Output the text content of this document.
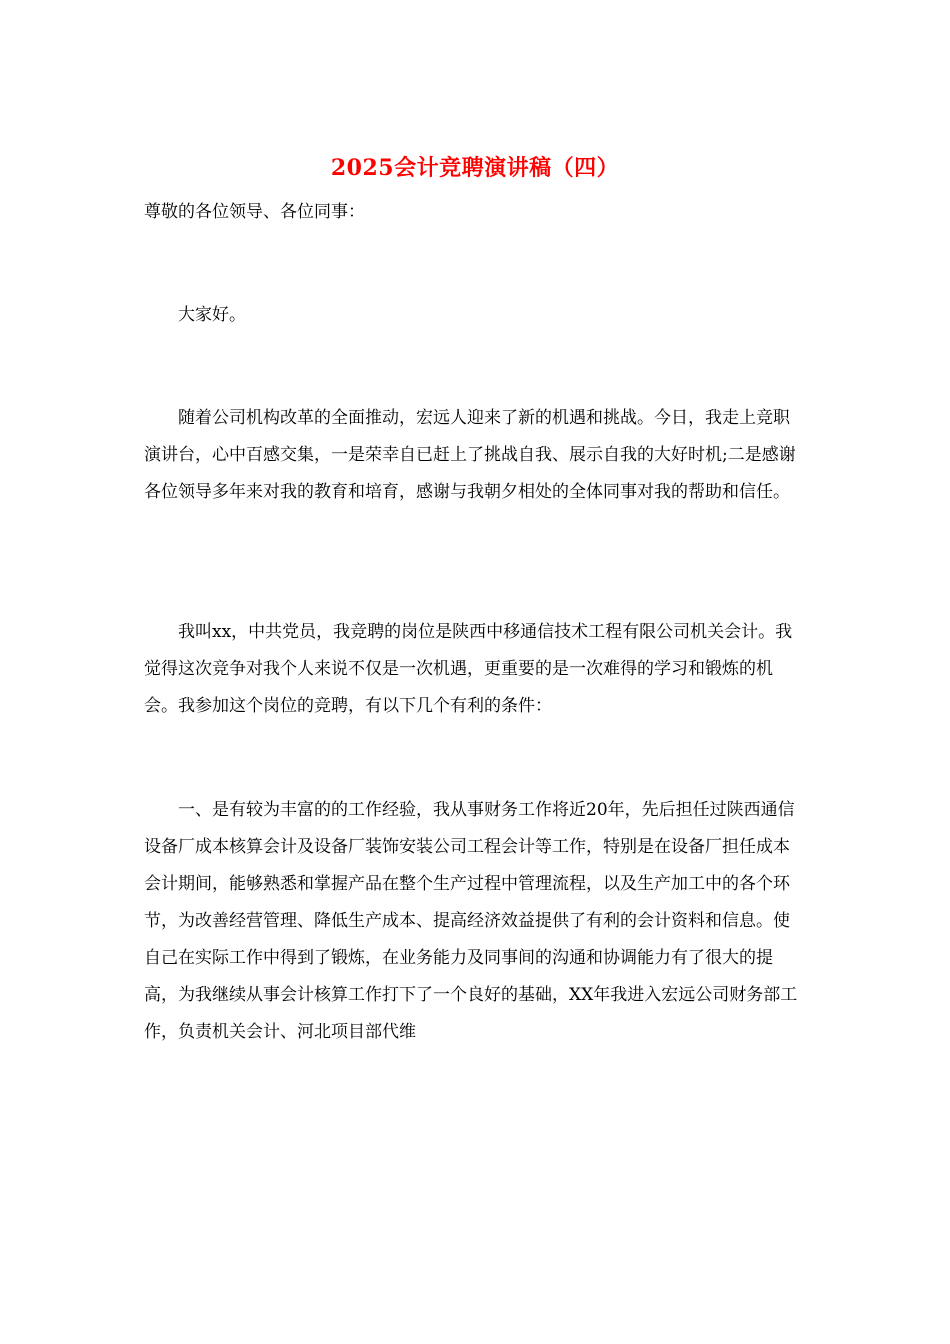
2025会计竞聘演讲稿（四）

尊敬的各位领导、各位同事：

大家好。

随着公司机构改革的全面推动，宏远人迎来了新的机遇和挑战。今日，我走上竞职演讲台，心中百感交集，一是荣幸自已赶上了挑战自我、展示自我的大好时机;二是感谢各位领导多年来对我的教育和培育，感谢与我朝夕相处的全体同事对我的帮助和信任。

我叫xx，中共党员，我竞聘的岗位是陕西中移通信技术工程有限公司机关会计。我觉得这次竞争对我个人来说不仅是一次机遇，更重要的是一次难得的学习和锻炼的机会。我参加这个岗位的竞聘，有以下几个有利的条件：

一、是有较为丰富的的工作经验，我从事财务工作将近20年，先后担任过陕西通信设备厂成本核算会计及设备厂装饰安装公司工程会计等工作，特别是在设备厂担任成本会计期间，能够熟悉和掌握产品在整个生产过程中管理流程，以及生产加工中的各个环节，为改善经营管理、降低生产成本、提高经济效益提供了有利的会计资料和信息。使自己在实际工作中得到了锻炼，在业务能力及同事间的沟通和协调能力有了很大的提高，为我继续从事会计核算工作打下了一个良好的基础，XX年我进入宏远公司财务部工作，负责机关会计、河北项目部代维
